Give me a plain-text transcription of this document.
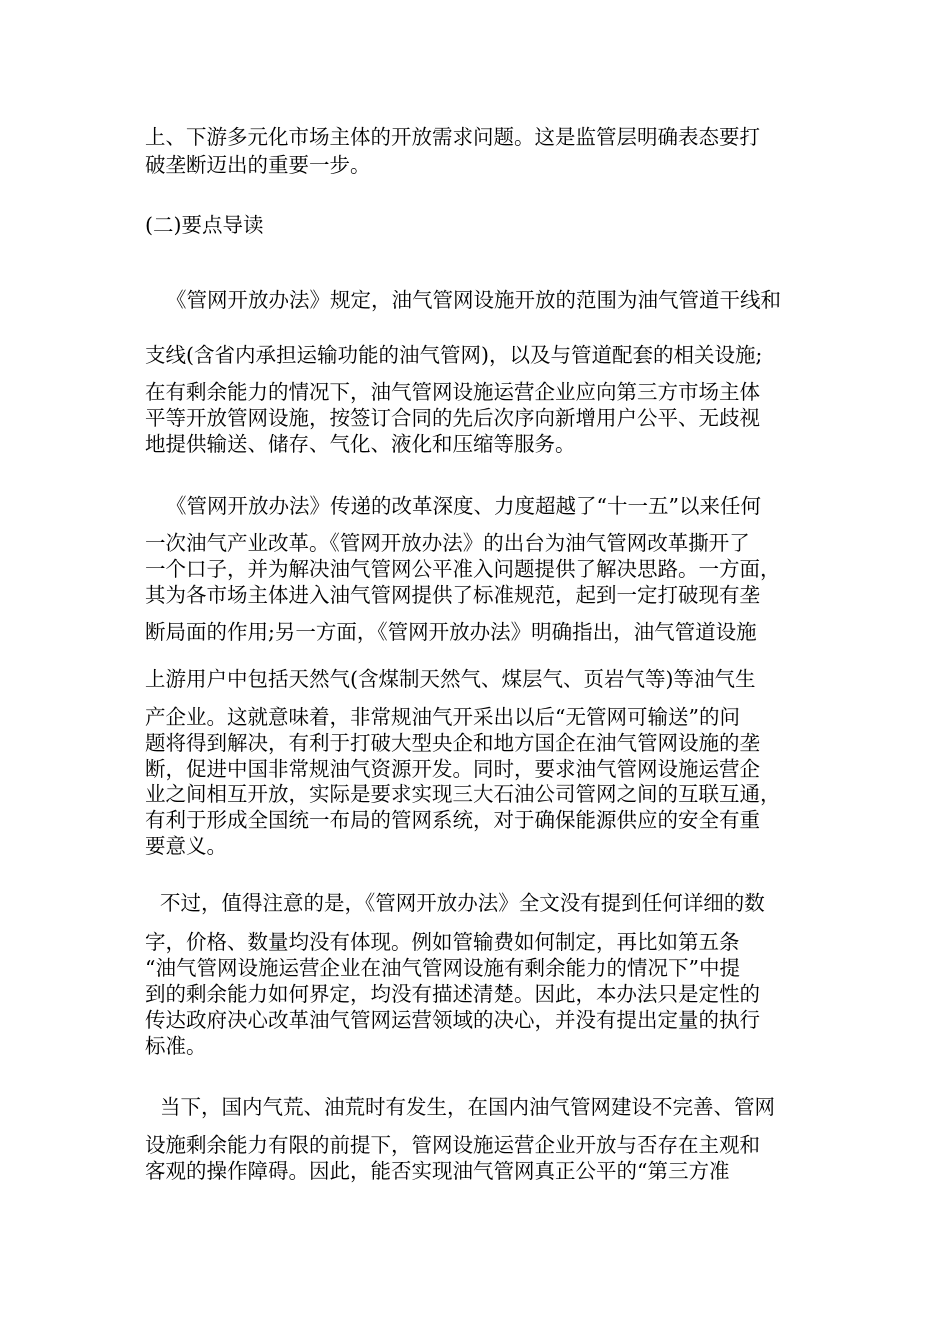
上、下游多元化市场主体的开放需求问题。这是监管层明确表态要打
破垄断迈出的重要一步。
(二)要点导读
《管网开放办法》规定，油气管网设施开放的范围为油气管道干线和
支线(含省内承担运输功能的油气管网)，以及与管道配套的相关设施;
在有剩余能力的情况下，油气管网设施运营企业应向第三方市场主体
平等开放管网设施，按签订合同的先后次序向新增用户公平、无歧视
地提供输送、储存、气化、液化和压缩等服务。
《管网开放办法》传递的改革深度、力度超越了“十一五”以来任何
一次油气产业改革。《管网开放办法》的出台为油气管网改革撕开了
一个口子，并为解决油气管网公平准入问题提供了解决思路。一方面，
其为各市场主体进入油气管网提供了标准规范，起到一定打破现有垄
断局面的作用;另一方面，《管网开放办法》明确指出，油气管道设施
上游用户中包括天然气(含煤制天然气、煤层气、页岩气等)等油气生
产企业。这就意味着，非常规油气开采出以后“无管网可输送”的问
题将得到解决，有利于打破大型央企和地方国企在油气管网设施的垄
断，促进中国非常规油气资源开发。同时，要求油气管网设施运营企
业之间相互开放，实际是要求实现三大石油公司管网之间的互联互通，
有利于形成全国统一布局的管网系统，对于确保能源供应的安全有重
要意义。
不过，值得注意的是，《管网开放办法》全文没有提到任何详细的数
字，价格、数量均没有体现。例如管输费如何制定，再比如第五条
“油气管网设施运营企业在油气管网设施有剩余能力的情况下”中提
到的剩余能力如何界定，均没有描述清楚。因此，本办法只是定性的
传达政府决心改革油气管网运营领域的决心，并没有提出定量的执行
标准。
当下，国内气荒、油荒时有发生，在国内油气管网建设不完善、管网
设施剩余能力有限的前提下，管网设施运营企业开放与否存在主观和
客观的操作障碍。因此，能否实现油气管网真正公平的“第三方准
